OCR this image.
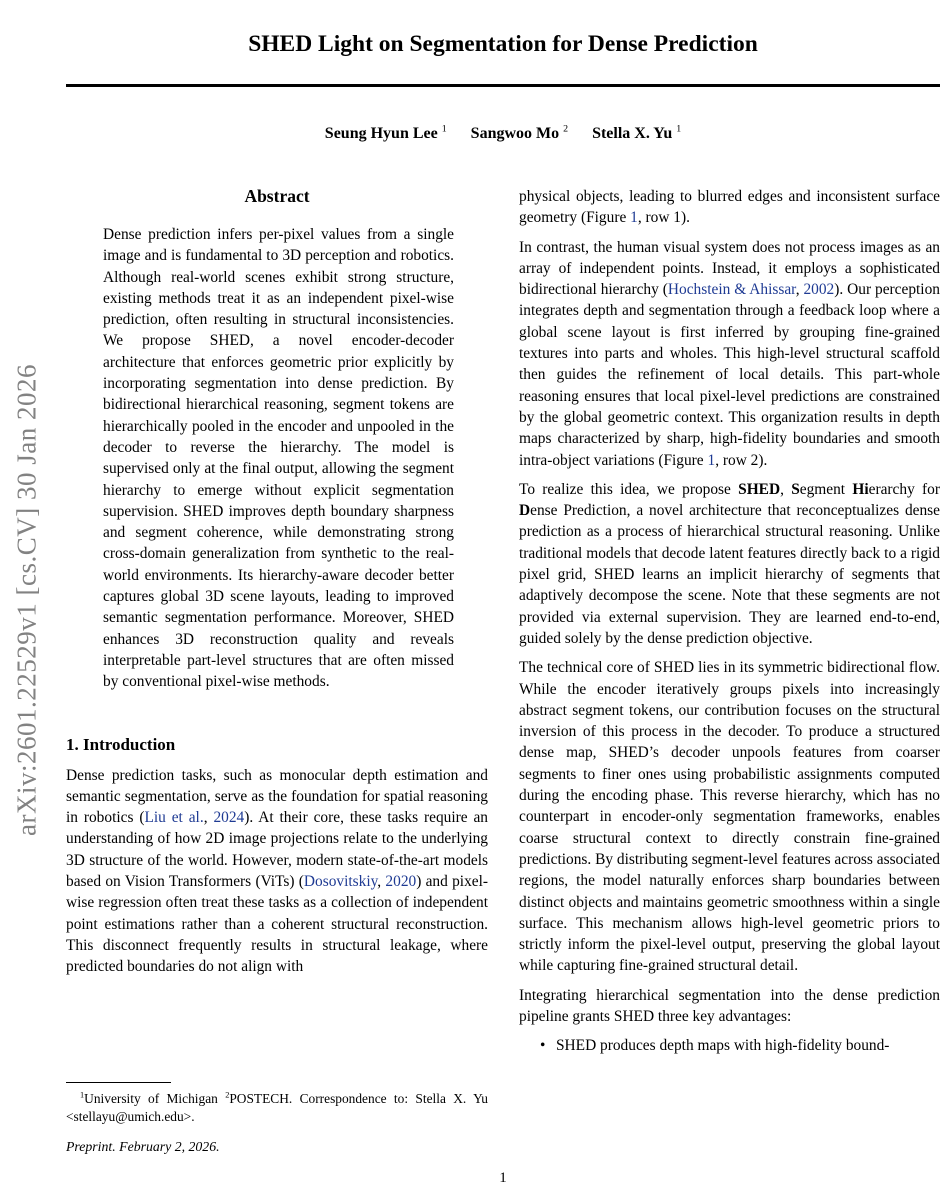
arXiv:2601.22529v1 [cs.CV] 30 Jan 2026
SHED Light on Segmentation for Dense Prediction
Seung Hyun Lee $^1$ Sangwoo Mo $^2$ Stella X. Yu $^1$
Abstract
Dense prediction infers per-pixel values from a single image and is fundamental to 3D perception and robotics. Although real-world scenes exhibit strong structure, existing methods treat it as an independent pixel-wise prediction, often resulting in structural inconsistencies. We propose SHED, a novel encoder-decoder architecture that enforces geometric prior explicitly by incorporating segmentation into dense prediction. By bidirectional hierarchical reasoning, segment tokens are hierarchically pooled in the encoder and unpooled in the decoder to reverse the hierarchy. The model is supervised only at the final output, allowing the segment hierarchy to emerge without explicit segmentation supervision. SHED improves depth boundary sharpness and segment coherence, while demonstrating strong cross-domain generalization from synthetic to the real-world environments. Its hierarchy-aware decoder better captures global 3D scene layouts, leading to improved semantic segmentation performance. Moreover, SHED enhances 3D reconstruction quality and reveals interpretable part-level structures that are often missed by conventional pixel-wise methods.
1. Introduction

Dense prediction tasks, such as monocular depth estimation and semantic segmentation, serve as the foundation for spatial reasoning in robotics (Liu et al., 2024). At their core, these tasks require an understanding of how 2D image projections relate to the underlying 3D structure of the world. However, modern state-of-the-art models based on Vision Transformers (ViTs) (Dosovitskiy, 2020) and pixel-wise regression often treat these tasks as a collection of independent point estimations rather than a coherent structural reconstruction. This disconnect frequently results in structural leakage, where predicted boundaries do not align with

$^1$University of Michigan $^2$POSTECH. Correspondence to: Stella X. Yu <stellayu@umich.edu>.
Preprint. February 2, 2026.

physical objects, leading to blurred edges and inconsistent surface geometry (Figure 1, row 1).

In contrast, the human visual system does not process images as an array of independent points. Instead, it employs a sophisticated bidirectional hierarchy (Hochstein & Ahissar, 2002). Our perception integrates depth and segmentation through a feedback loop where a global scene layout is first inferred by grouping fine-grained textures into parts and wholes. This high-level structural scaffold then guides the refinement of local details. This part-whole reasoning ensures that local pixel-level predictions are constrained by the global geometric context. This organization results in depth maps characterized by sharp, high-fidelity boundaries and smooth intra-object variations (Figure 1, row 2).

To realize this idea, we propose SHED, Segment Hierarchy for Dense Prediction, a novel architecture that reconceptualizes dense prediction as a process of hierarchical structural reasoning. Unlike traditional models that decode latent features directly back to a rigid pixel grid, SHED learns an implicit hierarchy of segments that adaptively decompose the scene. Note that these segments are not provided via external supervision. They are learned end-to-end, guided solely by the dense prediction objective.

The technical core of SHED lies in its symmetric bidirectional flow. While the encoder iteratively groups pixels into increasingly abstract segment tokens, our contribution focuses on the structural inversion of this process in the decoder. To produce a structured dense map, SHED’s decoder unpools features from coarser segments to finer ones using probabilistic assignments computed during the encoding phase. This reverse hierarchy, which has no counterpart in encoder-only segmentation frameworks, enables coarse structural context to directly constrain fine-grained predictions. By distributing segment-level features across associated regions, the model naturally enforces sharp boundaries between distinct objects and maintains geometric smoothness within a single surface. This mechanism allows high-level geometric priors to strictly inform the pixel-level output, preserving the global layout while capturing fine-grained structural detail.

Integrating hierarchical segmentation into the dense prediction pipeline grants SHED three key advantages:

• SHED produces depth maps with high-fidelity bound-
1
